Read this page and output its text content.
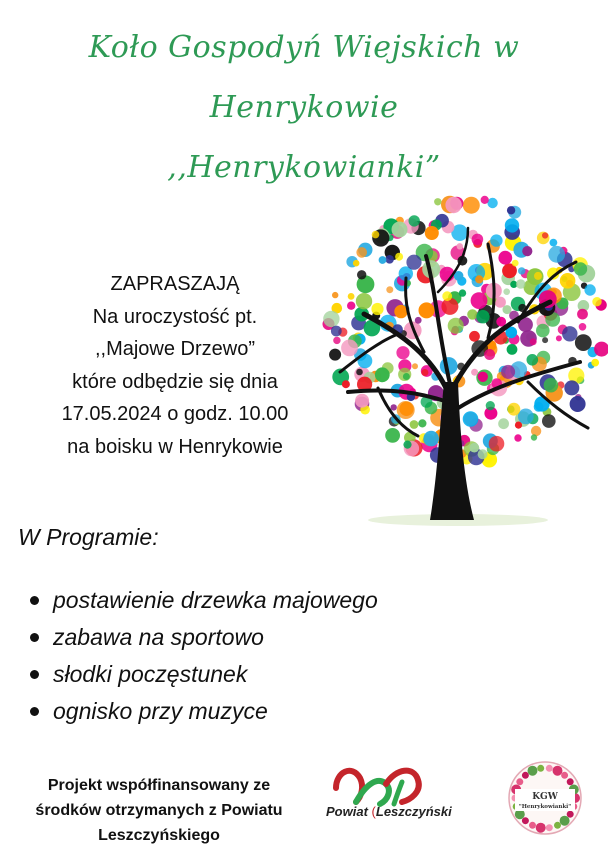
Koło Gospodyń Wiejskich w
Henrykowie
,,Henrykowianki”
ZAPRASZAJĄ
Na uroczystość pt.
,,Majowe Drzewo”
które odbędzie się dnia
17.05.2024 o godz. 10.00
na boisku w Henrykowie
W Programie:
postawienie drzewka majowego
zabawa na sportowo
słodki poczęstunek
ognisko przy muzyce
Projekt współfinansowany ze
środków otrzymanych z Powiatu
Leszczyńskiego
Powiat (Leszczyński
KGW
"Henrykowianki"
